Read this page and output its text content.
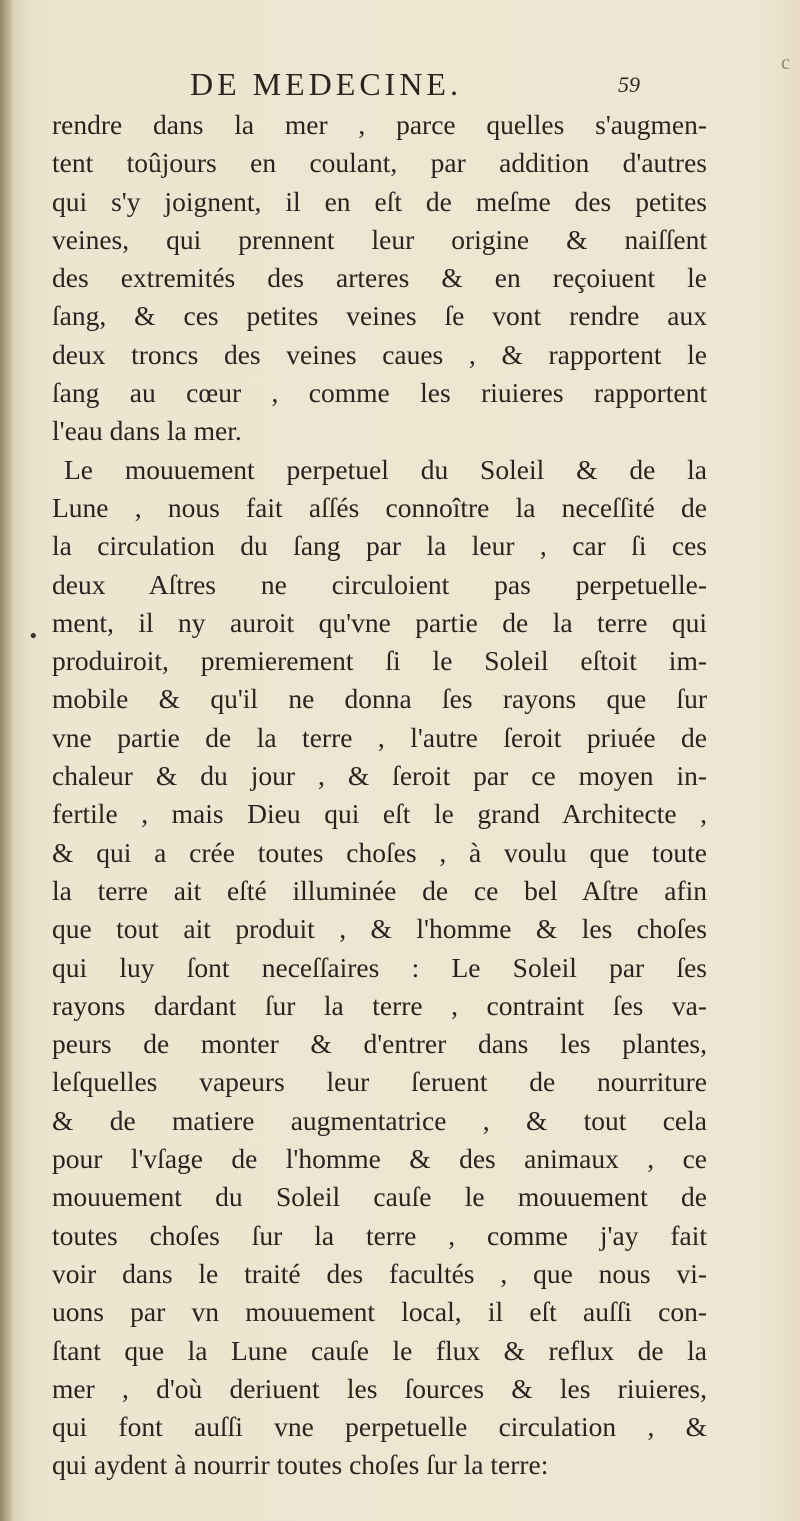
DE MEDECINE.	59
c
•
rendre dans la mer , parce quelles s'augmen-
tent toûjours en coulant, par addition d'autres
qui s'y joignent, il en eſt de meſme des petites
veines, qui prennent leur origine & naiſſent
des extremités des arteres & en reçoiuent le
ſang, & ces petites veines ſe vont rendre aux
deux troncs des veines caues , & rapportent le
ſang au cœur , comme les riuieres rapportent
l'eau dans la mer.
Le mouuement perpetuel du Soleil & de la
Lune , nous fait aſſés connoître la neceſſité de
la circulation du ſang par la leur , car ſi ces
deux Aſtres ne circuloient pas perpetuelle-
ment, il ny auroit qu'vne partie de la terre qui
produiroit, premierement ſi le Soleil eſtoit im-
mobile & qu'il ne donna ſes rayons que ſur
vne partie de la terre , l'autre ſeroit priuée de
chaleur & du jour , & ſeroit par ce moyen in-
fertile , mais Dieu qui eſt le grand Architecte ,
& qui a crée toutes choſes , à voulu que toute
la terre ait eſté illuminée de ce bel Aſtre afin
que tout ait produit , & l'homme & les choſes
qui luy ſont neceſſaires : Le Soleil par ſes
rayons dardant ſur la terre , contraint ſes va-
peurs de monter & d'entrer dans les plantes,
leſquelles vapeurs leur ſeruent de nourriture
& de matiere augmentatrice , & tout cela
pour l'vſage de l'homme & des animaux , ce
mouuement du Soleil cauſe le mouuement de
toutes choſes ſur la terre , comme j'ay fait
voir dans le traité des facultés , que nous vi-
uons par vn mouuement local, il eſt auſſi con-
ſtant que la Lune cauſe le flux & reflux de la
mer , d'où deriuent les ſources & les riuieres,
qui font auſſi vne perpetuelle circulation , &
qui aydent à nourrir toutes choſes ſur la terre:
